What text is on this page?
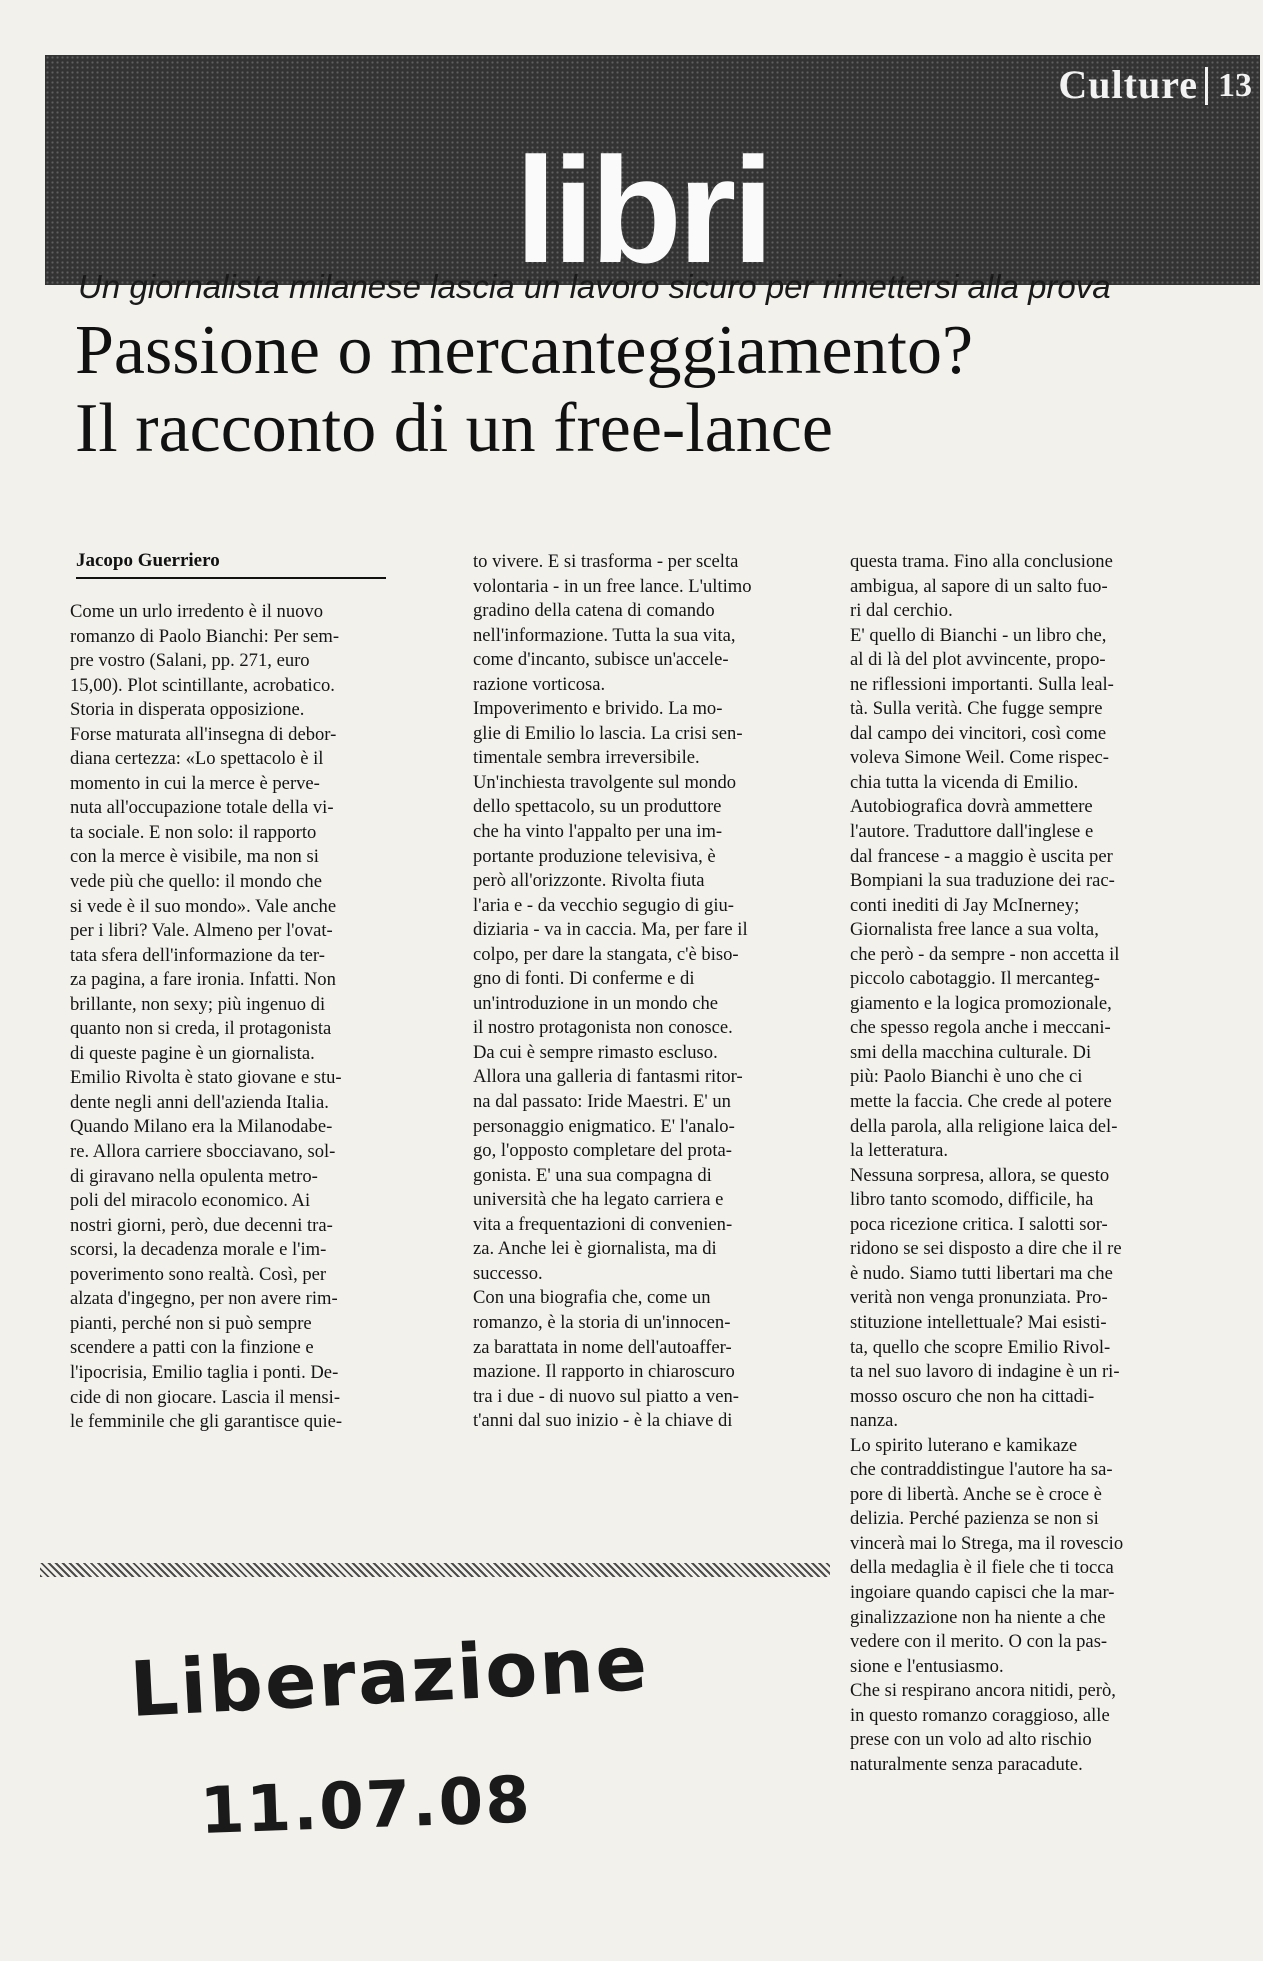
Culture 13
libri
Un giornalista milanese lascia un lavoro sicuro per rimettersi alla prova
Passione o mercanteggiamento?
Il racconto di un free-lance
Jacopo Guerriero
Come un urlo irredento è il nuovo
romanzo di Paolo Bianchi: Per sem-
pre vostro (Salani, pp. 271, euro
15,00). Plot scintillante, acrobatico.
Storia in disperata opposizione.
Forse maturata all'insegna di debor-
diana certezza: «Lo spettacolo è il
momento in cui la merce è perve-
nuta all'occupazione totale della vi-
ta sociale. E non solo: il rapporto
con la merce è visibile, ma non si
vede più che quello: il mondo che
si vede è il suo mondo». Vale anche
per i libri? Vale. Almeno per l'ovat-
tata sfera dell'informazione da ter-
za pagina, a fare ironia. Infatti. Non
brillante, non sexy; più ingenuo di
quanto non si creda, il protagonista
di queste pagine è un giornalista.
Emilio Rivolta è stato giovane e stu-
dente negli anni dell'azienda Italia.
Quando Milano era la Milanodabe-
re. Allora carriere sbocciavano, sol-
di giravano nella opulenta metro-
poli del miracolo economico. Ai
nostri giorni, però, due decenni tra-
scorsi, la decadenza morale e l'im-
poverimento sono realtà. Così, per
alzata d'ingegno, per non avere rim-
pianti, perché non si può sempre
scendere a patti con la finzione e
l'ipocrisia, Emilio taglia i ponti. De-
cide di non giocare. Lascia il mensi-
le femminile che gli garantisce quie-
to vivere. E si trasforma - per scelta
volontaria - in un free lance. L'ultimo
gradino della catena di comando
nell'informazione. Tutta la sua vita,
come d'incanto, subisce un'accele-
razione vorticosa.
Impoverimento e brivido. La mo-
glie di Emilio lo lascia. La crisi sen-
timentale sembra irreversibile.
Un'inchiesta travolgente sul mondo
dello spettacolo, su un produttore
che ha vinto l'appalto per una im-
portante produzione televisiva, è
però all'orizzonte. Rivolta fiuta
l'aria e - da vecchio segugio di giu-
diziaria - va in caccia. Ma, per fare il
colpo, per dare la stangata, c'è biso-
gno di fonti. Di conferme e di
un'introduzione in un mondo che
il nostro protagonista non conosce.
Da cui è sempre rimasto escluso.
Allora una galleria di fantasmi ritor-
na dal passato: Iride Maestri. E' un
personaggio enigmatico. E' l'analo-
go, l'opposto completare del prota-
gonista. E' una sua compagna di
università che ha legato carriera e
vita a frequentazioni di convenien-
za. Anche lei è giornalista, ma di
successo.
Con una biografia che, come un
romanzo, è la storia di un'innocen-
za barattata in nome dell'autoaffer-
mazione. Il rapporto in chiaroscuro
tra i due - di nuovo sul piatto a ven-
t'anni dal suo inizio - è la chiave di
questa trama. Fino alla conclusione
ambigua, al sapore di un salto fuo-
ri dal cerchio.
E' quello di Bianchi - un libro che,
al di là del plot avvincente, propo-
ne riflessioni importanti. Sulla leal-
tà. Sulla verità. Che fugge sempre
dal campo dei vincitori, così come
voleva Simone Weil. Come rispec-
chia tutta la vicenda di Emilio.
Autobiografica dovrà ammettere
l'autore. Traduttore dall'inglese e
dal francese - a maggio è uscita per
Bompiani la sua traduzione dei rac-
conti inediti di Jay McInerney;
Giornalista free lance a sua volta,
che però - da sempre - non accetta il
piccolo cabotaggio. Il mercanteg-
giamento e la logica promozionale,
che spesso regola anche i meccani-
smi della macchina culturale. Di
più: Paolo Bianchi è uno che ci
mette la faccia. Che crede al potere
della parola, alla religione laica del-
la letteratura.
Nessuna sorpresa, allora, se questo
libro tanto scomodo, difficile, ha
poca ricezione critica. I salotti sor-
ridono se sei disposto a dire che il re
è nudo. Siamo tutti libertari ma che
verità non venga pronunziata. Pro-
stituzione intellettuale? Mai esisti-
ta, quello che scopre Emilio Rivol-
ta nel suo lavoro di indagine è un ri-
mosso oscuro che non ha cittadi-
nanza.
Lo spirito luterano e kamikaze
che contraddistingue l'autore ha sa-
pore di libertà. Anche se è croce è
delizia. Perché pazienza se non si
vincerà mai lo Strega, ma il rovescio
della medaglia è il fiele che ti tocca
ingoiare quando capisci che la mar-
ginalizzazione non ha niente a che
vedere con il merito. O con la pas-
sione e l'entusiasmo.
Che si respirano ancora nitidi, però,
in questo romanzo coraggioso, alle
prese con un volo ad alto rischio
naturalmente senza paracadute.
Liberazione
11.07.08
